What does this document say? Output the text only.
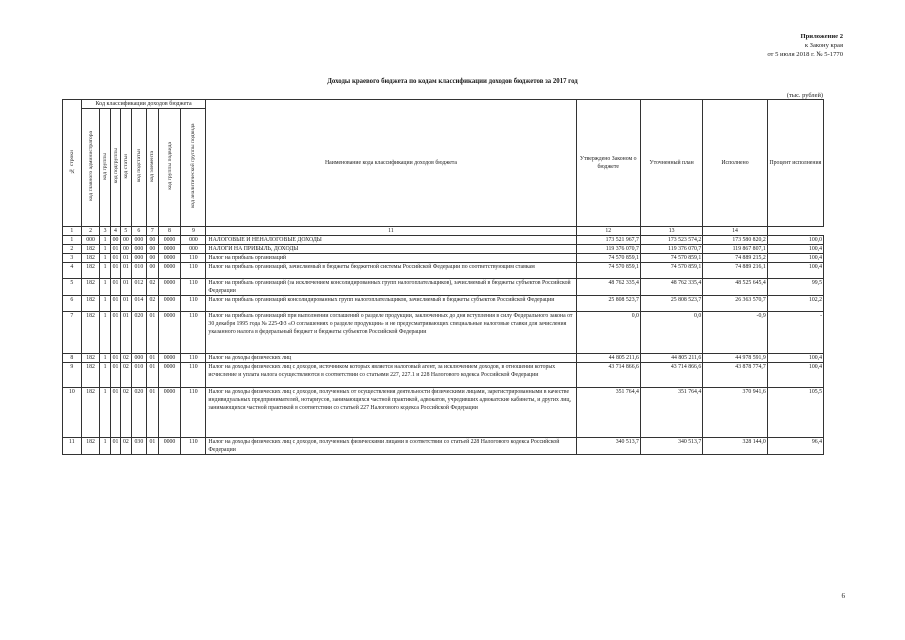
Приложение 2
к Закону края
от 5 июля 2018 г. № 5-1770
Доходы краевого бюджета по кодам классификации доходов бюджетов за 2017 год
(тыс. рублей)
№ строки	Код классификации доходов бюджета								Наименование кода классификации доходов бюджета	Утверждено Законом о бюджете	Уточненный план	Исполнено	Процент исполнения
	код главного администратора	код группы	код подгруппы	код статьи	код подстатьи	код элемента	код группы подвида	код аналитической группы подвида					
1	2	3	4	5	6	7	8	9	11	12	13	14	
1	000	1	00	00	000	00	0000	000	НАЛОГОВЫЕ И НЕНАЛОГОВЫЕ ДОХОДЫ	173 521 967,7	173 523 574,2	173 580 820,2	100,0
2	182	1	01	00	000	00	0000	000	НАЛОГИ НА ПРИБЫЛЬ, ДОХОДЫ	119 376 070,7	119 376 070,7	119 867 807,1	100,4
3	182	1	01	01	000	00	0000	110	Налог на прибыль организаций	74 570 859,1	74 570 859,1	74 889 215,2	100,4
4	182	1	01	01	010	00	0000	110	Налог на прибыль организаций, зачисляемый в бюджеты бюджетной системы Российской Федерации по соответствующим ставкам	74 570 859,1	74 570 859,1	74 889 216,1	100,4
5	182	1	01	01	012	02	0000	110	Налог на прибыль организаций (за исключением консолидированных групп налогоплательщиков), зачисляемый в бюджеты субъектов Российской Федерации	48 762 335,4	48 762 335,4	48 525 645,4	99,5
6	182	1	01	01	014	02	0000	110	Налог на прибыль организаций консолидированных групп налогоплательщиков, зачисляемый в бюджеты субъектов Российской Федерации	25 808 523,7	25 808 523,7	26 363 570,7	102,2
7	182	1	01	01	020	01	0000	110	Налог на прибыль организаций при выполнении соглашений о разделе продукции, заключенных до дня вступления в силу Федерального закона от 30 декабря 1995 года № 225-ФЗ «О соглашениях о разделе продукции» и не предусматривающих специальные налоговые ставки для зачисления указанного налога в федеральный бюджет и бюджеты субъектов Российской Федерации	0,0	0,0	-0,9	-
8	182	1	01	02	000	01	0000	110	Налог на доходы физических лиц	44 805 211,6	44 805 211,6	44 978 591,9	100,4
9	182	1	01	02	010	01	0000	110	Налог на доходы физических лиц с доходов, источником которых является налоговый агент, за исключением доходов, в отношении которых исчисление и уплата налога осуществляются в соответствии со статьями 227, 227.1 и 228 Налогового кодекса Российской Федерации	43 714 866,6	43 714 866,6	43 878 774,7	100,4
10	182	1	01	02	020	01	0000	110	Налог на доходы физических лиц с доходов, полученных от осуществления деятельности физическими лицами, зарегистрированными в качестве индивидуальных предпринимателей, нотариусов, занимающихся частной практикой, адвокатов, учредивших адвокатские кабинеты, и других лиц, занимающихся частной практикой в соответствии со статьей 227 Налогового кодекса Российской Федерации	351 764,4	351 764,4	370 941,6	105,5
11	182	1	01	02	030	01	0000	110	Налог на доходы физических лиц с доходов, полученных физическими лицами в соответствии со статьей 228 Налогового кодекса Российской Федерации	340 513,7	340 513,7	328 144,0	96,4
6
